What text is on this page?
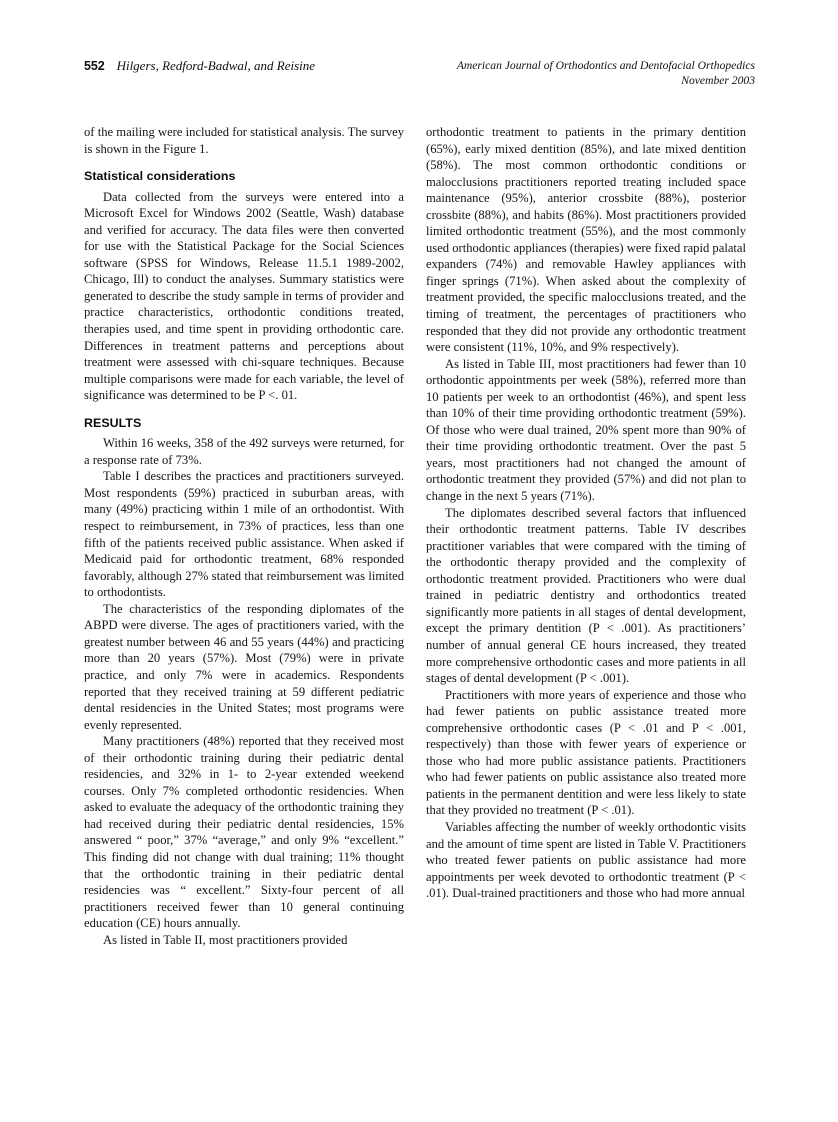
552 Hilgers, Redford-Badwal, and Reisine	American Journal of Orthodontics and Dentofacial Orthopedics
November 2003

of the mailing were included for statistical analysis. The survey is shown in the Figure 1.

Statistical considerations

Data collected from the surveys were entered into a Microsoft Excel for Windows 2002 (Seattle, Wash) database and verified for accuracy. The data files were then converted for use with the Statistical Package for the Social Sciences software (SPSS for Windows, Release 11.5.1 1989-2002, Chicago, Ill) to conduct the analyses. Summary statistics were generated to describe the study sample in terms of provider and practice characteristics, orthodontic conditions treated, therapies used, and time spent in providing orthodontic care. Differences in treatment patterns and perceptions about treatment were assessed with chi-square techniques. Because multiple comparisons were made for each variable, the level of significance was determined to be P <. 01.

RESULTS

Within 16 weeks, 358 of the 492 surveys were returned, for a response rate of 73%.

Table I describes the practices and practitioners surveyed. Most respondents (59%) practiced in suburban areas, with many (49%) practicing within 1 mile of an orthodontist. With respect to reimbursement, in 73% of practices, less than one fifth of the patients received public assistance. When asked if Medicaid paid for orthodontic treatment, 68% responded favorably, although 27% stated that reimbursement was limited to orthodontists.

The characteristics of the responding diplomates of the ABPD were diverse. The ages of practitioners varied, with the greatest number between 46 and 55 years (44%) and practicing more than 20 years (57%). Most (79%) were in private practice, and only 7% were in academics. Respondents reported that they received training at 59 different pediatric dental residencies in the United States; most programs were evenly represented.

Many practitioners (48%) reported that they received most of their orthodontic training during their pediatric dental residencies, and 32% in 1- to 2-year extended weekend courses. Only 7% completed orthodontic residencies. When asked to evaluate the adequacy of the orthodontic training they had received during their pediatric dental residencies, 15% answered “ poor,” 37% “average,” and only 9% “excellent.” This finding did not change with dual training; 11% thought that the orthodontic training in their pediatric dental residencies was “ excellent.” Sixty-four percent of all practitioners received fewer than 10 general continuing education (CE) hours annually.

As listed in Table II, most practitioners provided

orthodontic treatment to patients in the primary dentition (65%), early mixed dentition (85%), and late mixed dentition (58%). The most common orthodontic conditions or malocclusions practitioners reported treating included space maintenance (95%), anterior crossbite (88%), posterior crossbite (88%), and habits (86%). Most practitioners provided limited orthodontic treatment (55%), and the most commonly used orthodontic appliances (therapies) were fixed rapid palatal expanders (74%) and removable Hawley appliances with finger springs (71%). When asked about the complexity of treatment provided, the specific malocclusions treated, and the timing of treatment, the percentages of practitioners who responded that they did not provide any orthodontic treatment were consistent (11%, 10%, and 9% respectively).

As listed in Table III, most practitioners had fewer than 10 orthodontic appointments per week (58%), referred more than 10 patients per week to an orthodontist (46%), and spent less than 10% of their time providing orthodontic treatment (59%). Of those who were dual trained, 20% spent more than 90% of their time providing orthodontic treatment. Over the past 5 years, most practitioners had not changed the amount of orthodontic treatment they provided (57%) and did not plan to change in the next 5 years (71%).

The diplomates described several factors that influenced their orthodontic treatment patterns. Table IV describes practitioner variables that were compared with the timing of the orthodontic therapy provided and the complexity of orthodontic treatment provided. Practitioners who were dual trained in pediatric dentistry and orthodontics treated significantly more patients in all stages of dental development, except the primary dentition (P < .001). As practitioners’ number of annual general CE hours increased, they treated more comprehensive orthodontic cases and more patients in all stages of dental development (P < .001).

Practitioners with more years of experience and those who had fewer patients on public assistance treated more comprehensive orthodontic cases (P < .01 and P < .001, respectively) than those with fewer years of experience or those who had more public assistance patients. Practitioners who had fewer patients on public assistance also treated more patients in the permanent dentition and were less likely to state that they provided no treatment (P < .01).

Variables affecting the number of weekly orthodontic visits and the amount of time spent are listed in Table V. Practitioners who treated fewer patients on public assistance had more appointments per week devoted to orthodontic treatment (P < .01). Dual-trained practitioners and those who had more annual
